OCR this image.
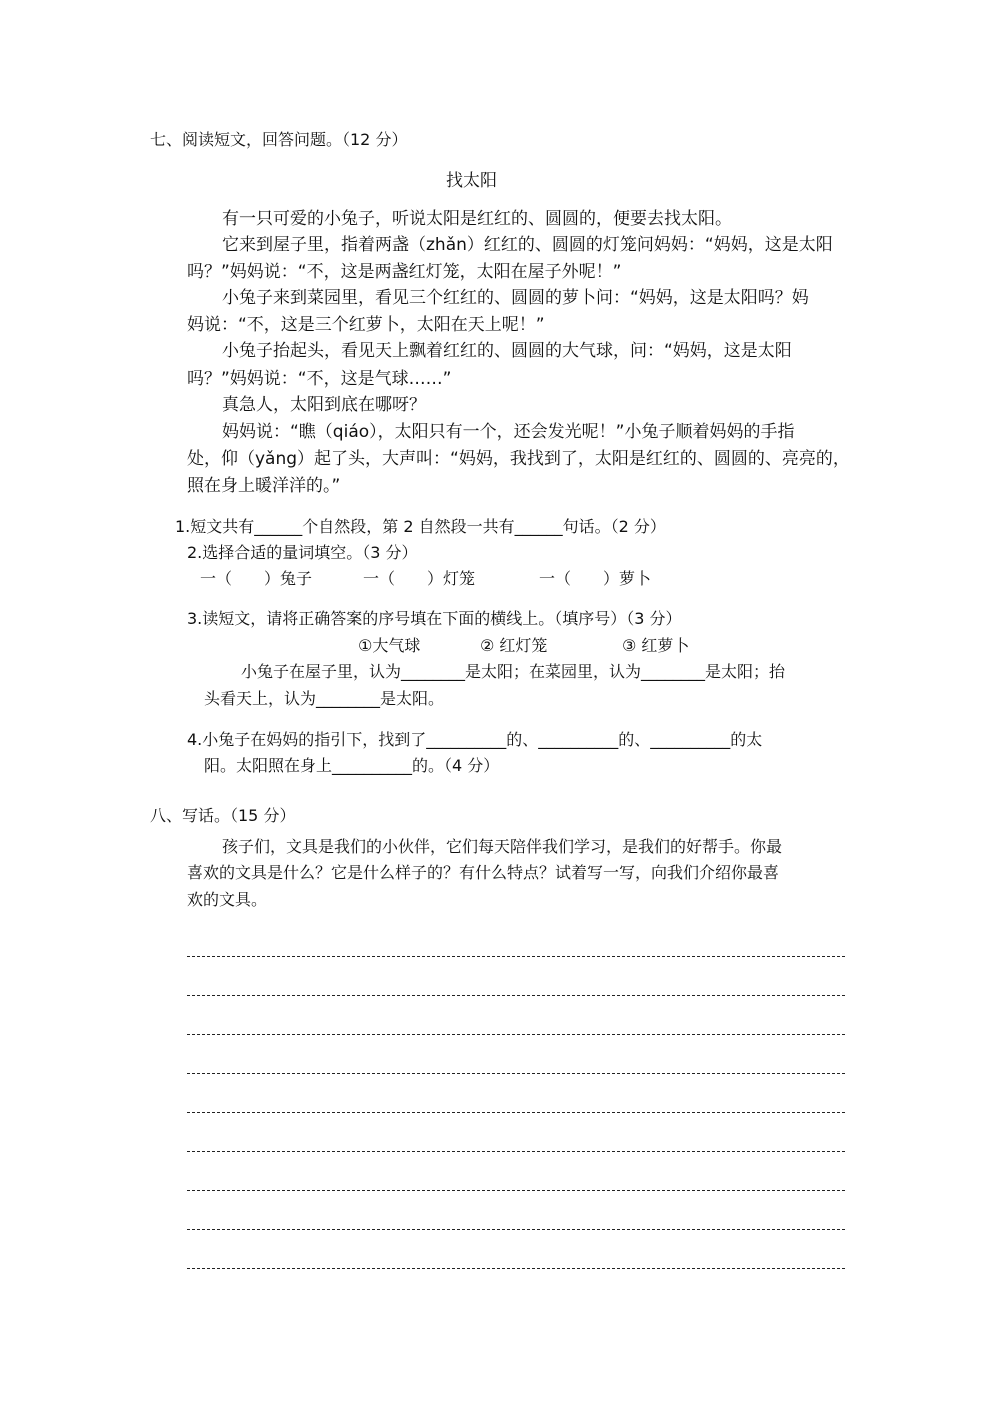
七、阅读短文，回答问题。（12 分）

找太阳

有一只可爱的小兔子，听说太阳是红红的、圆圆的，便要去找太阳。

它来到屋子里，指着两盏（zhǎn）红红的、圆圆的灯笼问妈妈：“妈妈，这是太阳

吗？”妈妈说：“不，这是两盏红灯笼，太阳在屋子外呢！”

小兔子来到菜园里，看见三个红红的、圆圆的萝卜问：“妈妈，这是太阳吗？妈

妈说：“不，这是三个红萝卜，太阳在天上呢！”

小兔子抬起头，看见天上飘着红红的、圆圆的大气球，问：“妈妈，这是太阳

吗？”妈妈说：“不，这是气球……”

真急人，太阳到底在哪呀？

妈妈说：“瞧（qiáo），太阳只有一个，还会发光呢！”小兔子顺着妈妈的手指

处，仰（yǎng）起了头，大声叫：“妈妈，我找到了，太阳是红红的、圆圆的、亮亮的，

照在身上暖洋洋的。”

1.短文共有______个自然段，第 2 自然段一共有______句话。（2 分）

2.选择合适的量词填空。（3 分）

一（　　）兔子	一（　　）灯笼	一（　　）萝卜

3.读短文，请将正确答案的序号填在下面的横线上。（填序号）（3 分）

①大气球	② 红灯笼	③ 红萝卜

小兔子在屋子里，认为________是太阳；在菜园里，认为________是太阳；抬

头看天上，认为________是太阳。

4.小兔子在妈妈的指引下，找到了__________的、__________的、__________的太

阳。太阳照在身上__________的。（4 分）

八、写话。（15 分）

孩子们，文具是我们的小伙伴，它们每天陪伴我们学习，是我们的好帮手。你最

喜欢的文具是什么？它是什么样子的？有什么特点？试着写一写，向我们介绍你最喜

欢的文具。
